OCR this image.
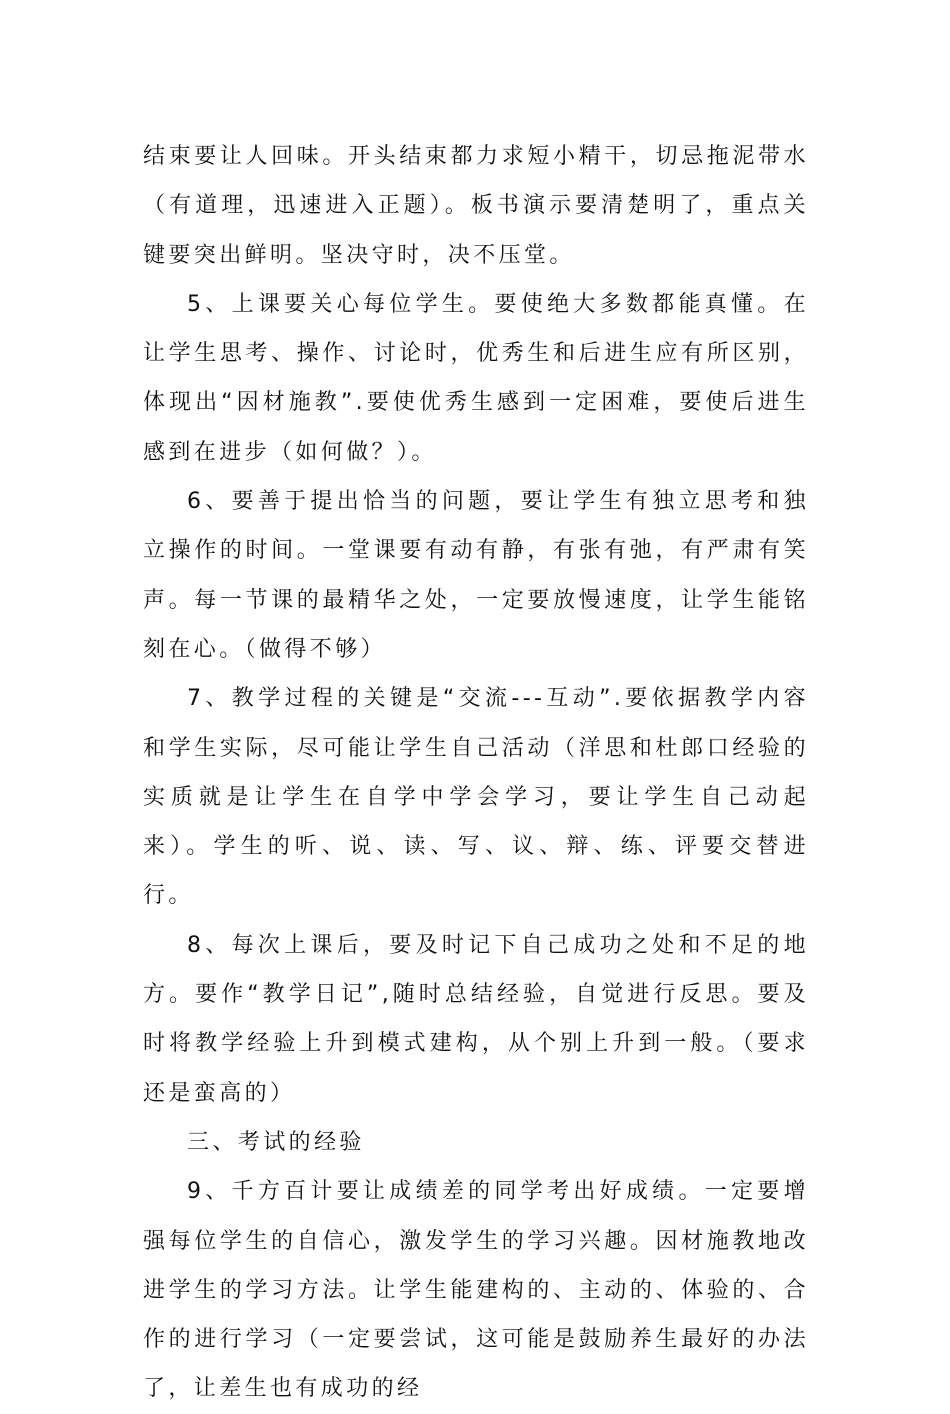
结束要让人回味。开头结束都力求短小精干，切忌拖泥带水（有道理，迅速进入正题）。板书演示要清楚明了，重点关键要突出鲜明。坚决守时，决不压堂。

5、上课要关心每位学生。要使绝大多数都能真懂。在让学生思考、操作、讨论时，优秀生和后进生应有所区别，体现出“因材施教”.要使优秀生感到一定困难，要使后进生感到在进步（如何做？）。

6、要善于提出恰当的问题，要让学生有独立思考和独立操作的时间。一堂课要有动有静，有张有弛，有严肃有笑声。每一节课的最精华之处，一定要放慢速度，让学生能铭刻在心。（做得不够）

7、教学过程的关键是“交流---互动”.要依据教学内容和学生实际，尽可能让学生自己活动（洋思和杜郎口经验的实质就是让学生在自学中学会学习，要让学生自己动起来）。学生的听、说、读、写、议、辩、练、评要交替进行。

8、每次上课后，要及时记下自己成功之处和不足的地方。要作“教学日记”,随时总结经验，自觉进行反思。要及时将教学经验上升到模式建构，从个别上升到一般。（要求还是蛮高的）

三、考试的经验

9、千方百计要让成绩差的同学考出好成绩。一定要增强每位学生的自信心，激发学生的学习兴趣。因材施教地改进学生的学习方法。让学生能建构的、主动的、体验的、合作的进行学习（一定要尝试，这可能是鼓励养生最好的办法了，让差生也有成功的经
